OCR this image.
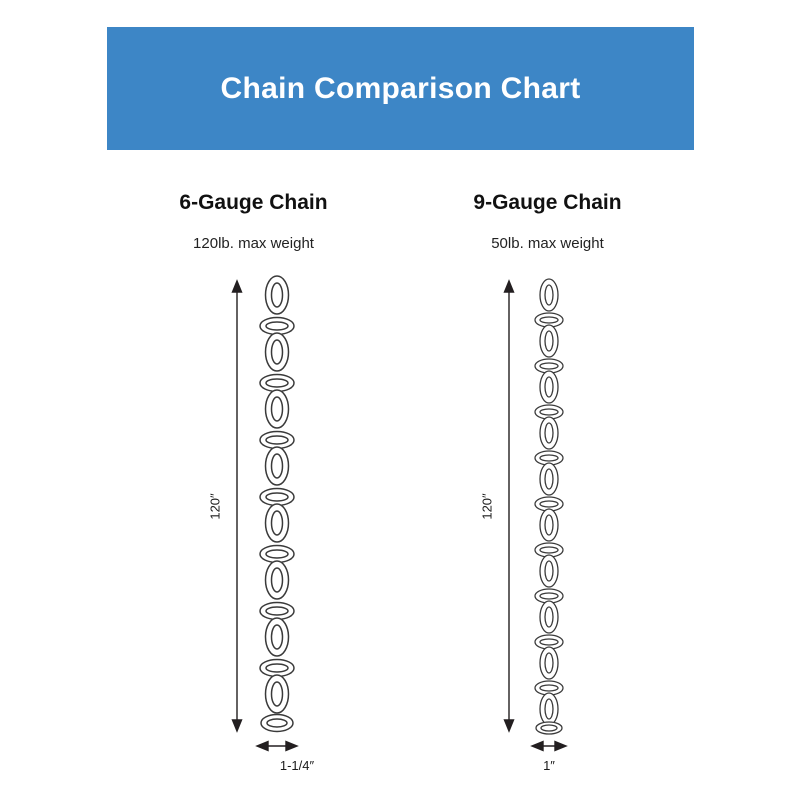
Chain Comparison Chart
6-Gauge Chain
120lb. max weight
120″
1-1/4″
9-Gauge Chain
50lb. max weight
120″
1″
